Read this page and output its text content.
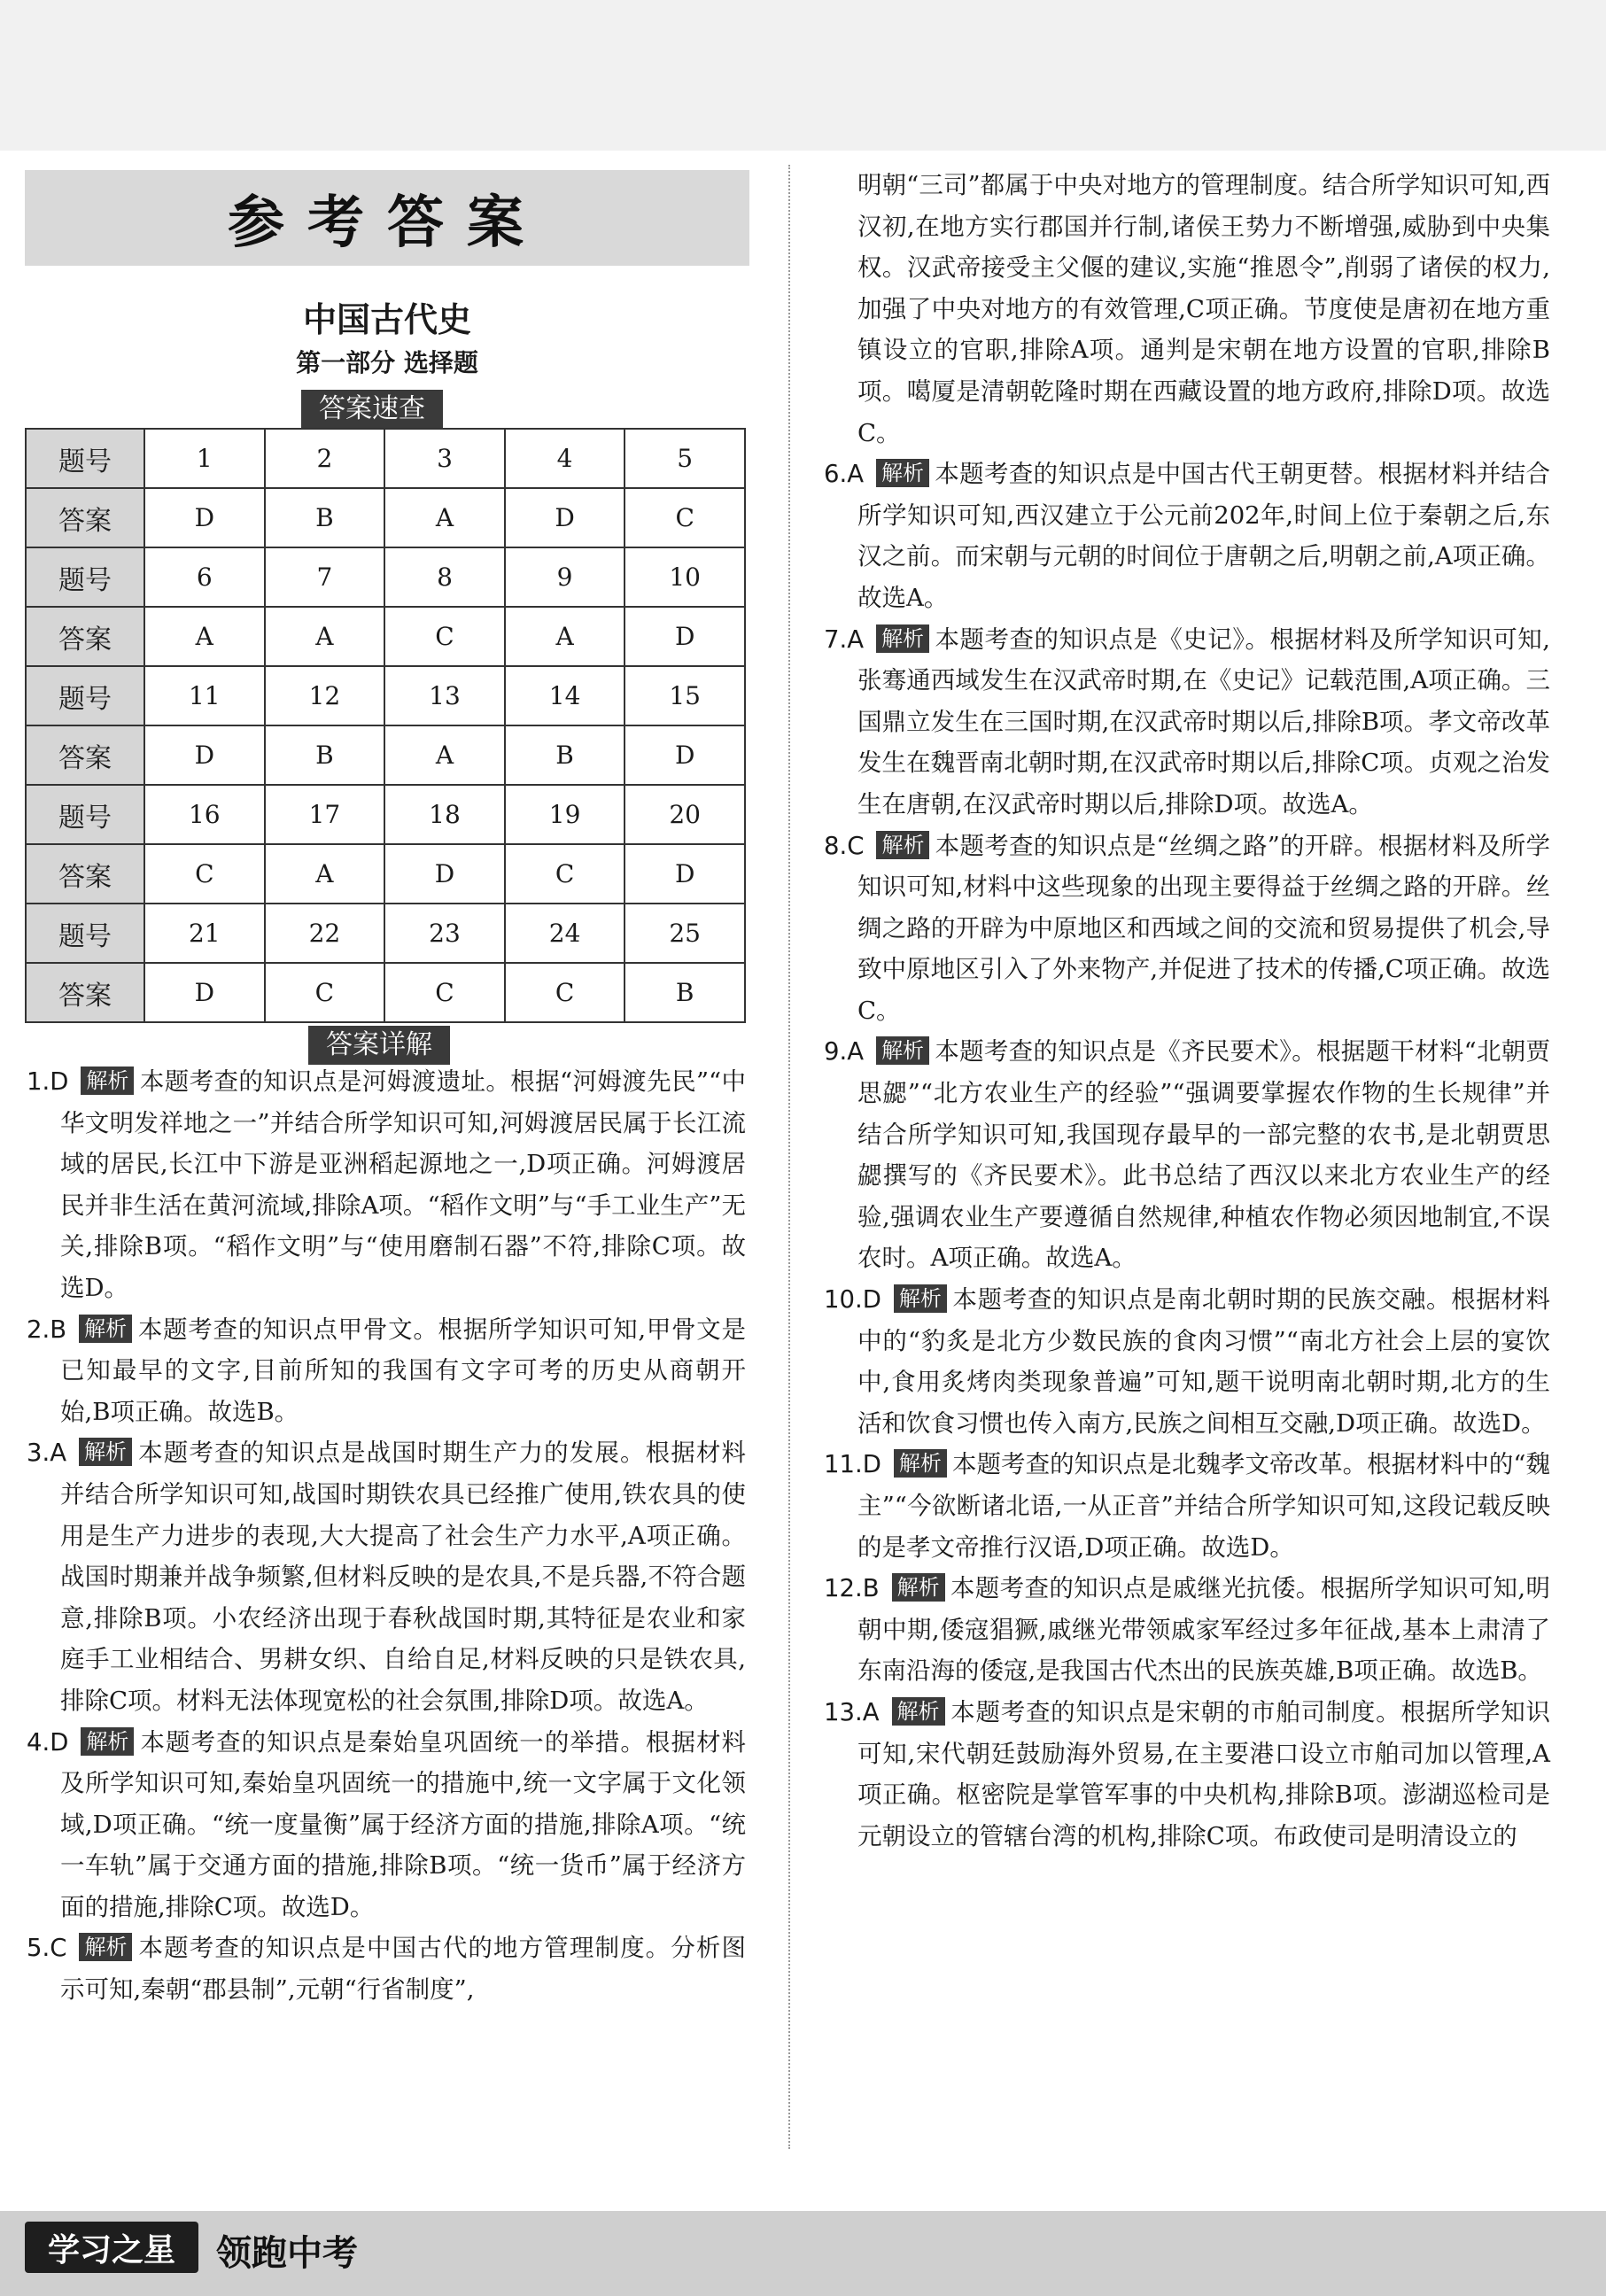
参考答案
中国古代史
第一部分 选择题
答案速查
题号	1	2	3	4	5
答案	D	B	A	D	C
题号	6	7	8	9	10
答案	A	A	C	A	D
题号	11	12	13	14	15
答案	D	B	A	B	D
题号	16	17	18	19	20
答案	C	A	D	C	D
题号	21	22	23	24	25
答案	D	C	C	C	B
答案详解

1.D 解析 本题考查的知识点是河姆渡遗址。根据“河姆渡先民”“中华文明发祥地之一”并结合所学知识可知,河姆渡居民属于长江流域的居民,长江中下游是亚洲稻起源地之一,D项正确。河姆渡居民并非生活在黄河流域,排除A项。“稻作文明”与“手工业生产”无关,排除B项。“稻作文明”与“使用磨制石器”不符,排除C项。故选D。

2.B 解析 本题考查的知识点甲骨文。根据所学知识可知,甲骨文是已知最早的文字,目前所知的我国有文字可考的历史从商朝开始,B项正确。故选B。

3.A 解析 本题考查的知识点是战国时期生产力的发展。根据材料并结合所学知识可知,战国时期铁农具已经推广使用,铁农具的使用是生产力进步的表现,大大提高了社会生产力水平,A项正确。战国时期兼并战争频繁,但材料反映的是农具,不是兵器,不符合题意,排除B项。小农经济出现于春秋战国时期,其特征是农业和家庭手工业相结合、男耕女织、自给自足,材料反映的只是铁农具,排除C项。材料无法体现宽松的社会氛围,排除D项。故选A。

4.D 解析 本题考查的知识点是秦始皇巩固统一的举措。根据材料及所学知识可知,秦始皇巩固统一的措施中,统一文字属于文化领域,D项正确。“统一度量衡”属于经济方面的措施,排除A项。“统一车轨”属于交通方面的措施,排除B项。“统一货币”属于经济方面的措施,排除C项。故选D。

5.C 解析 本题考查的知识点是中国古代的地方管理制度。分析图示可知,秦朝“郡县制”,元朝“行省制度”,

明朝“三司”都属于中央对地方的管理制度。结合所学知识可知,西汉初,在地方实行郡国并行制,诸侯王势力不断增强,威胁到中央集权。汉武帝接受主父偃的建议,实施“推恩令”,削弱了诸侯的权力,加强了中央对地方的有效管理,C项正确。节度使是唐初在地方重镇设立的官职,排除A项。通判是宋朝在地方设置的官职,排除B项。噶厦是清朝乾隆时期在西藏设置的地方政府,排除D项。故选C。

6.A 解析 本题考查的知识点是中国古代王朝更替。根据材料并结合所学知识可知,西汉建立于公元前202年,时间上位于秦朝之后,东汉之前。而宋朝与元朝的时间位于唐朝之后,明朝之前,A项正确。故选A。

7.A 解析 本题考查的知识点是《史记》。根据材料及所学知识可知,张骞通西域发生在汉武帝时期,在《史记》记载范围,A项正确。三国鼎立发生在三国时期,在汉武帝时期以后,排除B项。孝文帝改革发生在魏晋南北朝时期,在汉武帝时期以后,排除C项。贞观之治发生在唐朝,在汉武帝时期以后,排除D项。故选A。

8.C 解析 本题考查的知识点是“丝绸之路”的开辟。根据材料及所学知识可知,材料中这些现象的出现主要得益于丝绸之路的开辟。丝绸之路的开辟为中原地区和西域之间的交流和贸易提供了机会,导致中原地区引入了外来物产,并促进了技术的传播,C项正确。故选C。

9.A 解析 本题考查的知识点是《齐民要术》。根据题干材料“北朝贾思勰”“北方农业生产的经验”“强调要掌握农作物的生长规律”并结合所学知识可知,我国现存最早的一部完整的农书,是北朝贾思勰撰写的《齐民要术》。此书总结了西汉以来北方农业生产的经验,强调农业生产要遵循自然规律,种植农作物必须因地制宜,不误农时。A项正确。故选A。

10.D 解析 本题考查的知识点是南北朝时期的民族交融。根据材料中的“豹炙是北方少数民族的食肉习惯”“南北方社会上层的宴饮中,食用炙烤肉类现象普遍”可知,题干说明南北朝时期,北方的生活和饮食习惯也传入南方,民族之间相互交融,D项正确。故选D。

11.D 解析 本题考查的知识点是北魏孝文帝改革。根据材料中的“魏主”“今欲断诸北语,一从正音”并结合所学知识可知,这段记载反映的是孝文帝推行汉语,D项正确。故选D。

12.B 解析 本题考查的知识点是戚继光抗倭。根据所学知识可知,明朝中期,倭寇猖獗,戚继光带领戚家军经过多年征战,基本上肃清了东南沿海的倭寇,是我国古代杰出的民族英雄,B项正确。故选B。

13.A 解析 本题考查的知识点是宋朝的市舶司制度。根据所学知识可知,宋代朝廷鼓励海外贸易,在主要港口设立市舶司加以管理,A项正确。枢密院是掌管军事的中央机构,排除B项。澎湖巡检司是元朝设立的管辖台湾的机构,排除C项。布政使司是明清设立的

学习之星	领跑中考
